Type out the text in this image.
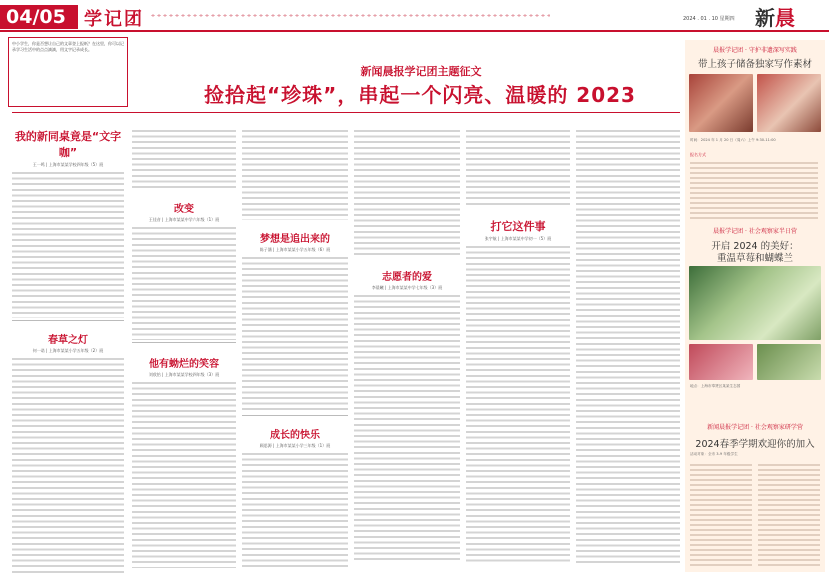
04/05	学记团	2024 . 01 . 10 星期四 新晨
中小学生，你是否想让自己的文章登上报纸？在这里，你可以记录学习生活中的点点滴滴，用文字记录成长。
新闻晨报学记团主题征文
捡拾起“珍珠”，串起一个闪亮、温暖的 2023
我的新同桌竟是“文字咖”
王一鸣 | 上海市某某学校四年级（5）班
春草之灯
何一诺 | 上海市某某小学五年级（2）班
改变
王佳音 | 上海市某某中学六年级（1）班
他有蚴烂的笑容
刘欣怡 | 上海市某某学校四年级（3）班
梦想是追出来的
陈子涵 | 上海市某某小学五年级（6）班
成长的快乐
顾思源 | 上海市某某小学三年级（1）班
志愿者的爱
李晨曦 | 上海市某某中学七年级（3）班
打它这件事
张宇航 | 上海市某某中学初一（5）班
晨报学记团 · 守护非遗深写实践
带上孩子储备独家写作素材
时间：2024 年 1 月 20 日（周六）上午 9:30-11:00
报名方式
晨报学记团 · 社会观察家半日营
开启 2024 的美好：
重温草莓和蝴蝶兰
地点：上海市奉贤区某某生态园
新闻晨报学记团 · 社会观察家研学营
2024春季学期欢迎你的加入
活动对象：全市 3-9 年级学生
